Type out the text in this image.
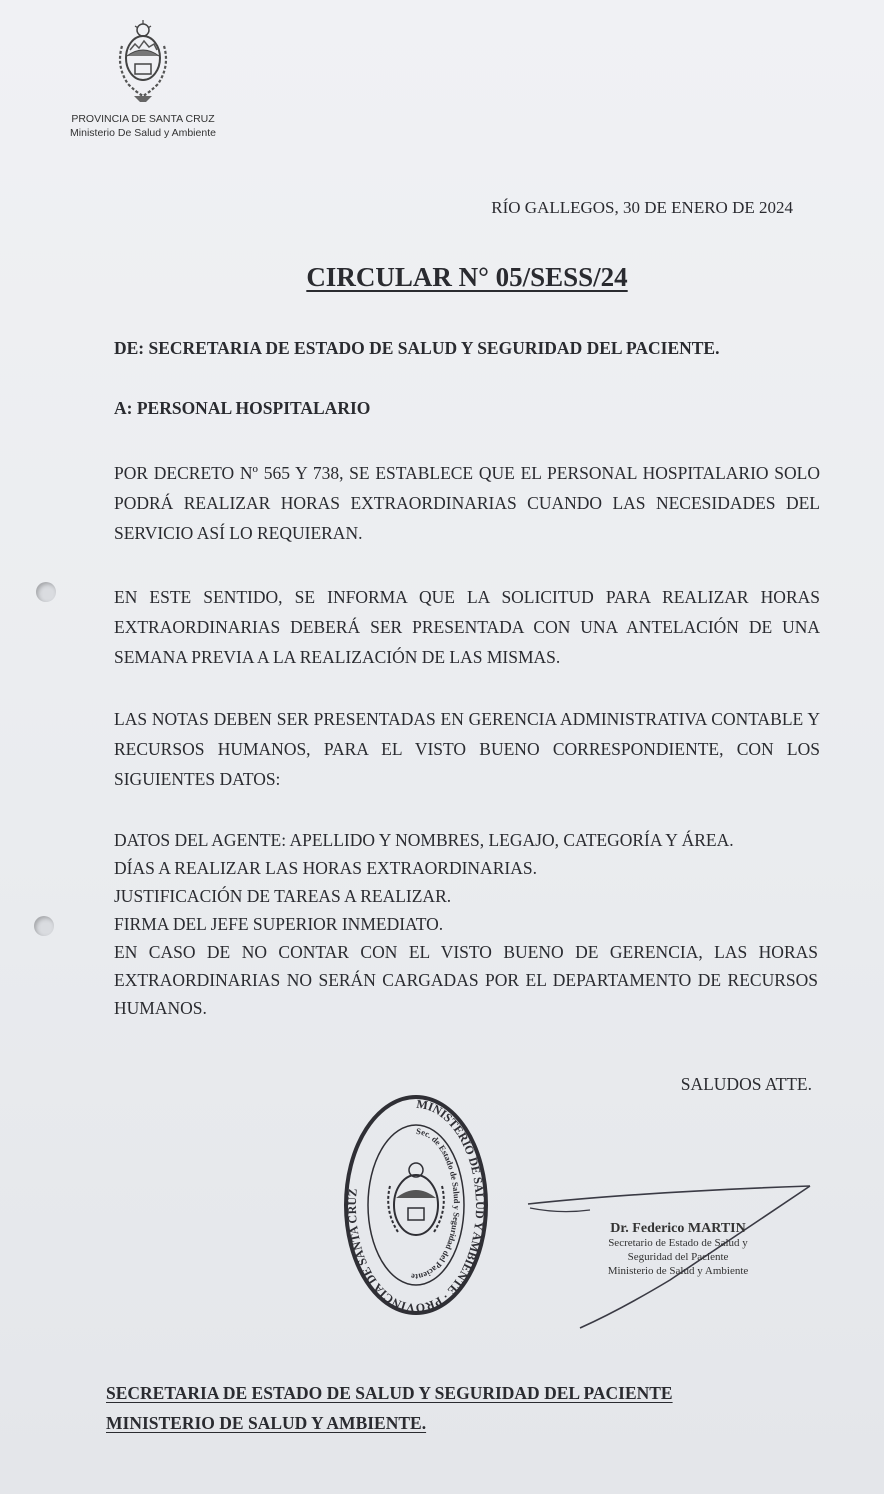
PROVINCIA DE SANTA CRUZ
Ministerio De Salud y Ambiente
RÍO GALLEGOS, 30 DE ENERO DE 2024
CIRCULAR N° 05/SESS/24
DE: SECRETARIA DE ESTADO DE SALUD Y SEGURIDAD DEL PACIENTE.
A: PERSONAL HOSPITALARIO
POR DECRETO Nº 565 Y 738, SE ESTABLECE QUE EL PERSONAL HOSPITALARIO SOLO PODRÁ REALIZAR HORAS EXTRAORDINARIAS CUANDO LAS NECESIDADES DEL SERVICIO ASÍ LO REQUIERAN.
EN ESTE SENTIDO, SE INFORMA QUE LA SOLICITUD PARA REALIZAR HORAS EXTRAORDINARIAS DEBERÁ SER PRESENTADA CON UNA ANTELACIÓN DE UNA SEMANA PREVIA A LA REALIZACIÓN DE LAS MISMAS.
LAS NOTAS DEBEN SER PRESENTADAS EN GERENCIA ADMINISTRATIVA CONTABLE Y RECURSOS HUMANOS, PARA EL VISTO BUENO CORRESPONDIENTE, CON LOS SIGUIENTES DATOS:
DATOS DEL AGENTE: APELLIDO Y NOMBRES, LEGAJO, CATEGORÍA Y ÁREA.
DÍAS A REALIZAR LAS HORAS EXTRAORDINARIAS.
JUSTIFICACIÓN DE TAREAS A REALIZAR.
FIRMA DEL JEFE SUPERIOR INMEDIATO.
EN CASO DE NO CONTAR CON EL VISTO BUENO DE GERENCIA, LAS HORAS EXTRAORDINARIAS NO SERÁN CARGADAS POR EL DEPARTAMENTO DE RECURSOS HUMANOS.
SALUDOS ATTE.
MINISTERIO DE SALUD Y AMBIENTE · PROVINCIA DE SANTA CRUZ
Sec. de Estado de Salud y Seguridad del Paciente
Dr. Federico MARTIN
Secretario de Estado de Salud y
Seguridad del Paciente
Ministerio de Salud y Ambiente
SECRETARIA DE ESTADO DE SALUD Y SEGURIDAD DEL PACIENTE
MINISTERIO DE SALUD Y AMBIENTE.
